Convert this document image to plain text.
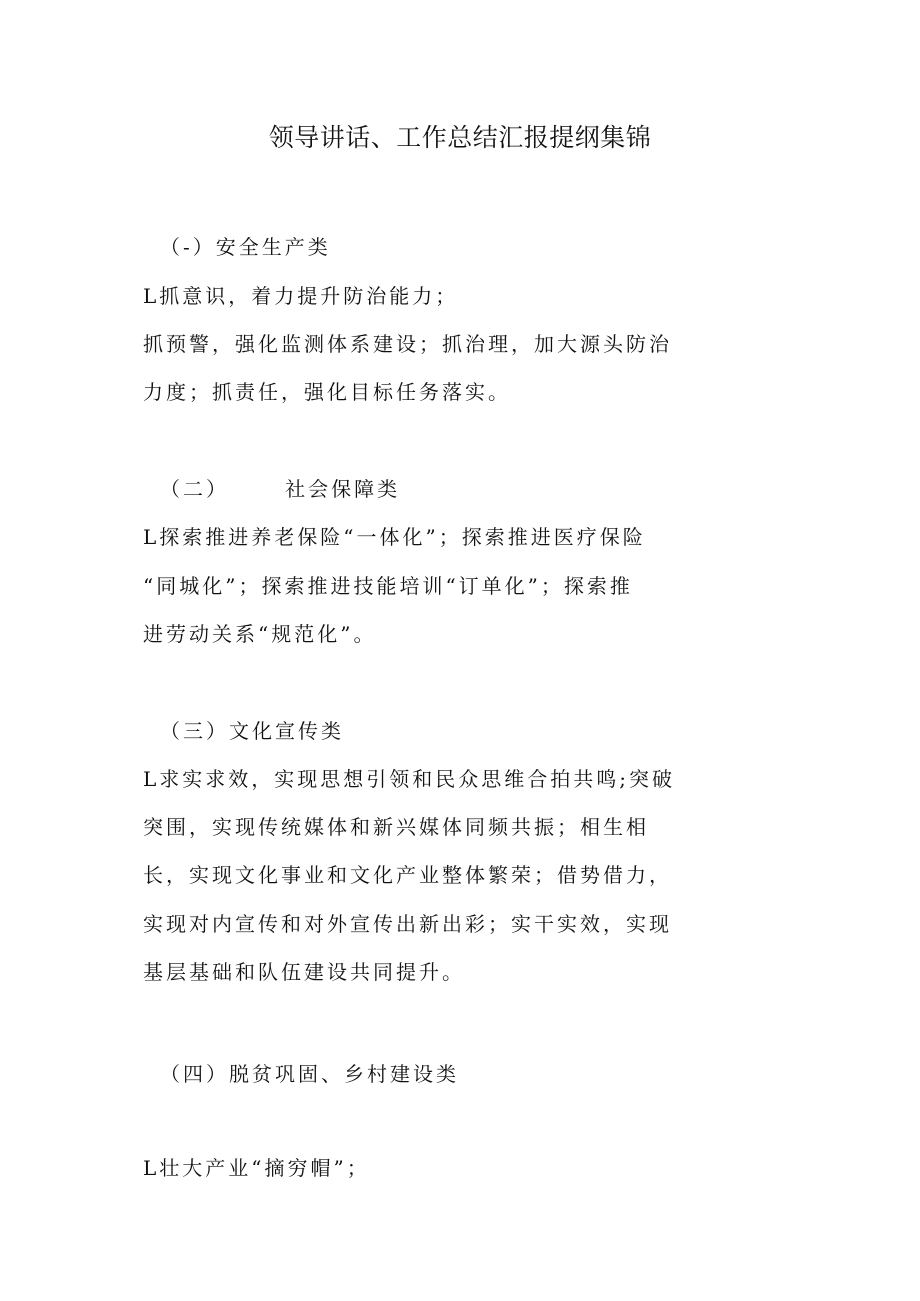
领导讲话、工作总结汇报提纲集锦
（-）安全生产类
L抓意识，着力提升防治能力；
抓预警，强化监测体系建设；抓治理，加大源头防治
力度；抓责任，强化目标任务落实。
（二）      社会保障类
L探索推进养老保险“一体化”；探索推进医疗保险
“同城化”；探索推进技能培训“订单化”；探索推
进劳动关系“规范化”。
（三）文化宣传类
L求实求效，实现思想引领和民众思维合拍共鸣;突破
突围，实现传统媒体和新兴媒体同频共振；相生相
长，实现文化事业和文化产业整体繁荣；借势借力，
实现对内宣传和对外宣传出新出彩；实干实效，实现
基层基础和队伍建设共同提升。
（四）脱贫巩固、乡村建设类
L壮大产业“摘穷帽”；
